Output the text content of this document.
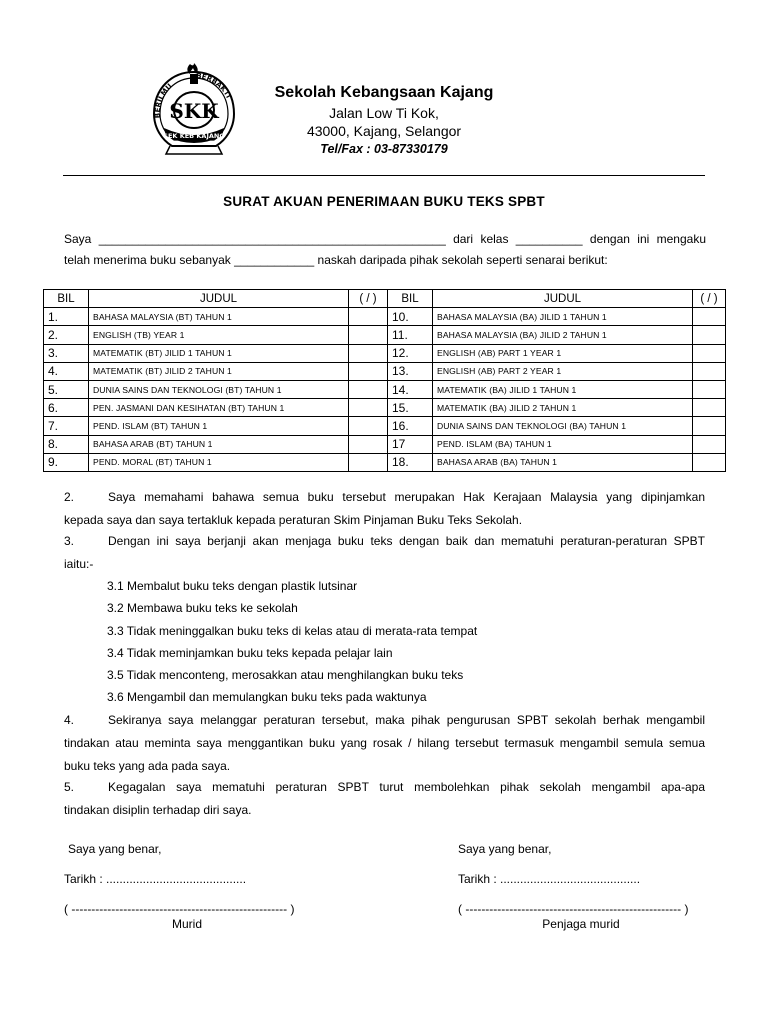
BERILMU
BERBAKTI
SKK
SEK KEB KAJANG
Sekolah Kebangsaan Kajang
Jalan Low Ti Kok,
43000, Kajang, Selangor
Tel/Fax : 03-87330179
SURAT AKUAN PENERIMAAN BUKU TEKS SPBT
Saya ____________________________________________________ dari kelas __________ dengan ini mengaku
telah menerima buku sebanyak ____________ naskah daripada pihak sekolah seperti senarai berikut:
BIL	JUDUL	( / )	BIL	JUDUL	( / )
1.	BAHASA MALAYSIA (BT) TAHUN 1		10.	BAHASA MALAYSIA (BA) JILID 1 TAHUN 1	
2.	ENGLISH (TB) YEAR 1		11.	BAHASA MALAYSIA (BA) JILID 2 TAHUN 1	
3.	MATEMATIK (BT) JILID 1 TAHUN 1		12.	ENGLISH (AB) PART 1 YEAR 1	
4.	MATEMATIK (BT) JILID 2 TAHUN 1		13.	ENGLISH (AB) PART 2 YEAR 1	
5.	DUNIA SAINS DAN TEKNOLOGI (BT) TAHUN 1		14.	MATEMATIK (BA) JILID 1 TAHUN 1	
6.	PEN. JASMANI DAN KESIHATAN (BT) TAHUN 1		15.	MATEMATIK (BA) JILID 2 TAHUN 1	
7.	PEND. ISLAM (BT) TAHUN 1		16.	DUNIA SAINS DAN TEKNOLOGI (BA) TAHUN 1	
8.	BAHASA ARAB (BT) TAHUN 1		17	PEND. ISLAM (BA) TAHUN 1	
9.	PEND. MORAL (BT) TAHUN 1		18.	BAHASA ARAB (BA) TAHUN 1	
2.	Saya memahami bahawa semua buku tersebut merupakan Hak Kerajaan Malaysia yang dipinjamkan
kepada saya dan saya tertakluk kepada peraturan Skim Pinjaman Buku Teks Sekolah.
3.	Dengan ini saya berjanji akan menjaga buku teks dengan baik dan mematuhi peraturan-peraturan SPBT
iaitu:-
3.1 Membalut buku teks dengan plastik lutsinar
3.2 Membawa buku teks ke sekolah
3.3 Tidak meninggalkan buku teks di kelas atau di merata-rata tempat
3.4 Tidak meminjamkan buku teks kepada pelajar lain
3.5 Tidak menconteng, merosakkan atau menghilangkan buku teks
3.6 Mengambil dan memulangkan buku teks pada waktunya
4.	Sekiranya saya melanggar peraturan tersebut, maka pihak pengurusan SPBT sekolah berhak mengambil
tindakan atau meminta saya menggantikan buku yang rosak / hilang tersebut termasuk mengambil semula semua
buku teks yang ada pada saya.
5.	Kegagalan saya mematuhi peraturan SPBT turut membolehkan pihak sekolah mengambil apa-apa
tindakan disiplin terhadap diri saya.
Saya yang benar,
Tarikh : ..........................................
( ------------------------------------------------------ )
Murid
Saya yang benar,
Tarikh : ..........................................
( ------------------------------------------------------ )
Penjaga murid
